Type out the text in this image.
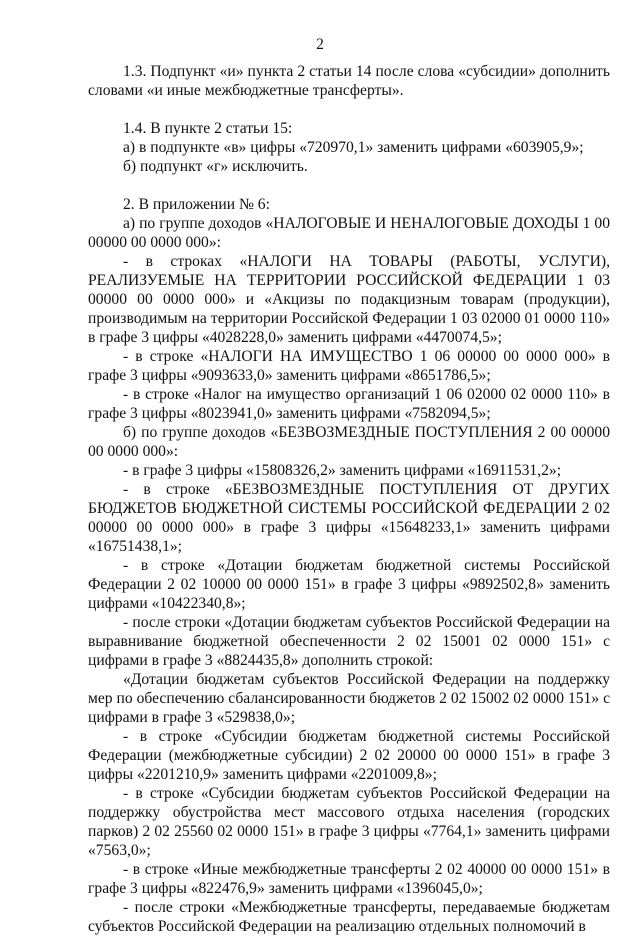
2

1.3. Подпункт «и» пункта 2 статьи 14 после слова «субсидии» дополнить словами «и иные межбюджетные трансферты».

1.4. В пункте 2 статьи 15:

а) в подпункте «в» цифры «720970,1» заменить цифрами «603905,9»;

б) подпункт «г» исключить.

2. В приложении № 6:

а) по группе доходов «НАЛОГОВЫЕ И НЕНАЛОГОВЫЕ ДОХОДЫ 1 00 00000 00 0000 000»:

- в строках «НАЛОГИ НА ТОВАРЫ (РАБОТЫ, УСЛУГИ), РЕАЛИЗУЕМЫЕ НА ТЕРРИТОРИИ РОССИЙСКОЙ ФЕДЕРАЦИИ 1 03 00000 00 0000 000» и «Акцизы по подакцизным товарам (продукции), производимым на территории Российской Федерации 1 03 02000 01 0000 110» в графе 3 цифры «4028228,0» заменить цифрами «4470074,5»;

- в строке «НАЛОГИ НА ИМУЩЕСТВО 1 06 00000 00 0000 000» в графе 3 цифры «9093633,0» заменить цифрами «8651786,5»;

- в строке «Налог на имущество организаций 1 06 02000 02 0000 110» в графе 3 цифры «8023941,0» заменить цифрами «7582094,5»;

б) по группе доходов «БЕЗВОЗМЕЗДНЫЕ ПОСТУПЛЕНИЯ 2 00 00000 00 0000 000»:

- в графе 3 цифры «15808326,2» заменить цифрами «16911531,2»;

- в строке «БЕЗВОЗМЕЗДНЫЕ ПОСТУПЛЕНИЯ ОТ ДРУГИХ БЮДЖЕТОВ БЮДЖЕТНОЙ СИСТЕМЫ РОССИЙСКОЙ ФЕДЕРАЦИИ 2 02 00000 00 0000 000» в графе 3 цифры «15648233,1» заменить цифрами «16751438,1»;

- в строке «Дотации бюджетам бюджетной системы Российской Федерации 2 02 10000 00 0000 151» в графе 3 цифры «9892502,8» заменить цифрами «10422340,8»;

- после строки «Дотации бюджетам субъектов Российской Федерации на выравнивание бюджетной обеспеченности 2 02 15001 02 0000 151» с цифрами в графе 3 «8824435,8» дополнить строкой:

«Дотации бюджетам субъектов Российской Федерации на поддержку мер по обеспечению сбалансированности бюджетов 2 02 15002 02 0000 151» с цифрами в графе 3 «529838,0»;

- в строке «Субсидии бюджетам бюджетной системы Российской Федерации (межбюджетные субсидии) 2 02 20000 00 0000 151» в графе 3 цифры «2201210,9» заменить цифрами «2201009,8»;

- в строке «Субсидии бюджетам субъектов Российской Федерации на поддержку обустройства мест массового отдыха населения (городских парков) 2 02 25560 02 0000 151» в графе 3 цифры «7764,1» заменить цифрами «7563,0»;

- в строке «Иные межбюджетные трансферты 2 02 40000 00 0000 151» в графе 3 цифры «822476,9» заменить цифрами «1396045,0»;

- после строки «Межбюджетные трансферты, передаваемые бюджетам субъектов Российской Федерации на реализацию отдельных полномочий в
